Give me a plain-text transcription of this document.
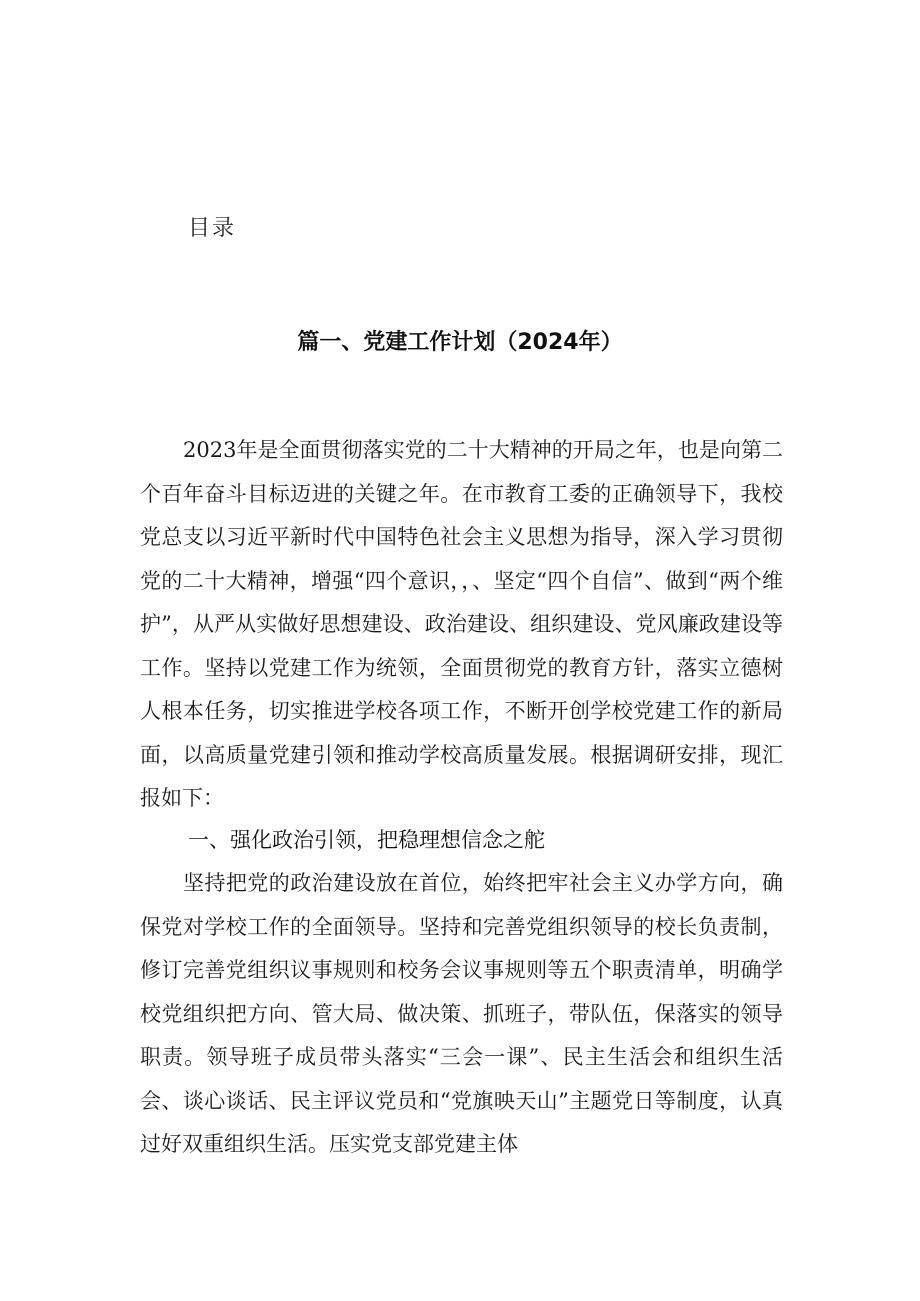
目录
篇一、党建工作计划（2024年）

2023年是全面贯彻落实党的二十大精神的开局之年，也是向第二个百年奋斗目标迈进的关键之年。在市教育工委的正确领导下，我校党总支以习近平新时代中国特色社会主义思想为指导，深入学习贯彻党的二十大精神，增强“四个意识，，、坚定“四个自信”、做到“两个维护”，从严从实做好思想建设、政治建设、组织建设、党风廉政建设等工作。坚持以党建工作为统领，全面贯彻党的教育方针，落实立德树人根本任务，切实推进学校各项工作，不断开创学校党建工作的新局面，以高质量党建引领和推动学校高质量发展。根据调研安排，现汇报如下：

一、强化政治引领，把稳理想信念之舵

坚持把党的政治建设放在首位，始终把牢社会主义办学方向，确保党对学校工作的全面领导。坚持和完善党组织领导的校长负责制，修订完善党组织议事规则和校务会议事规则等五个职责清单，明确学校党组织把方向、管大局、做决策、抓班子，带队伍，保落实的领导职责。领导班子成员带头落实“三会一课”、民主生活会和组织生活会、谈心谈话、民主评议党员和“党旗映天山”主题党日等制度，认真过好双重组织生活。压实党支部党建主体
